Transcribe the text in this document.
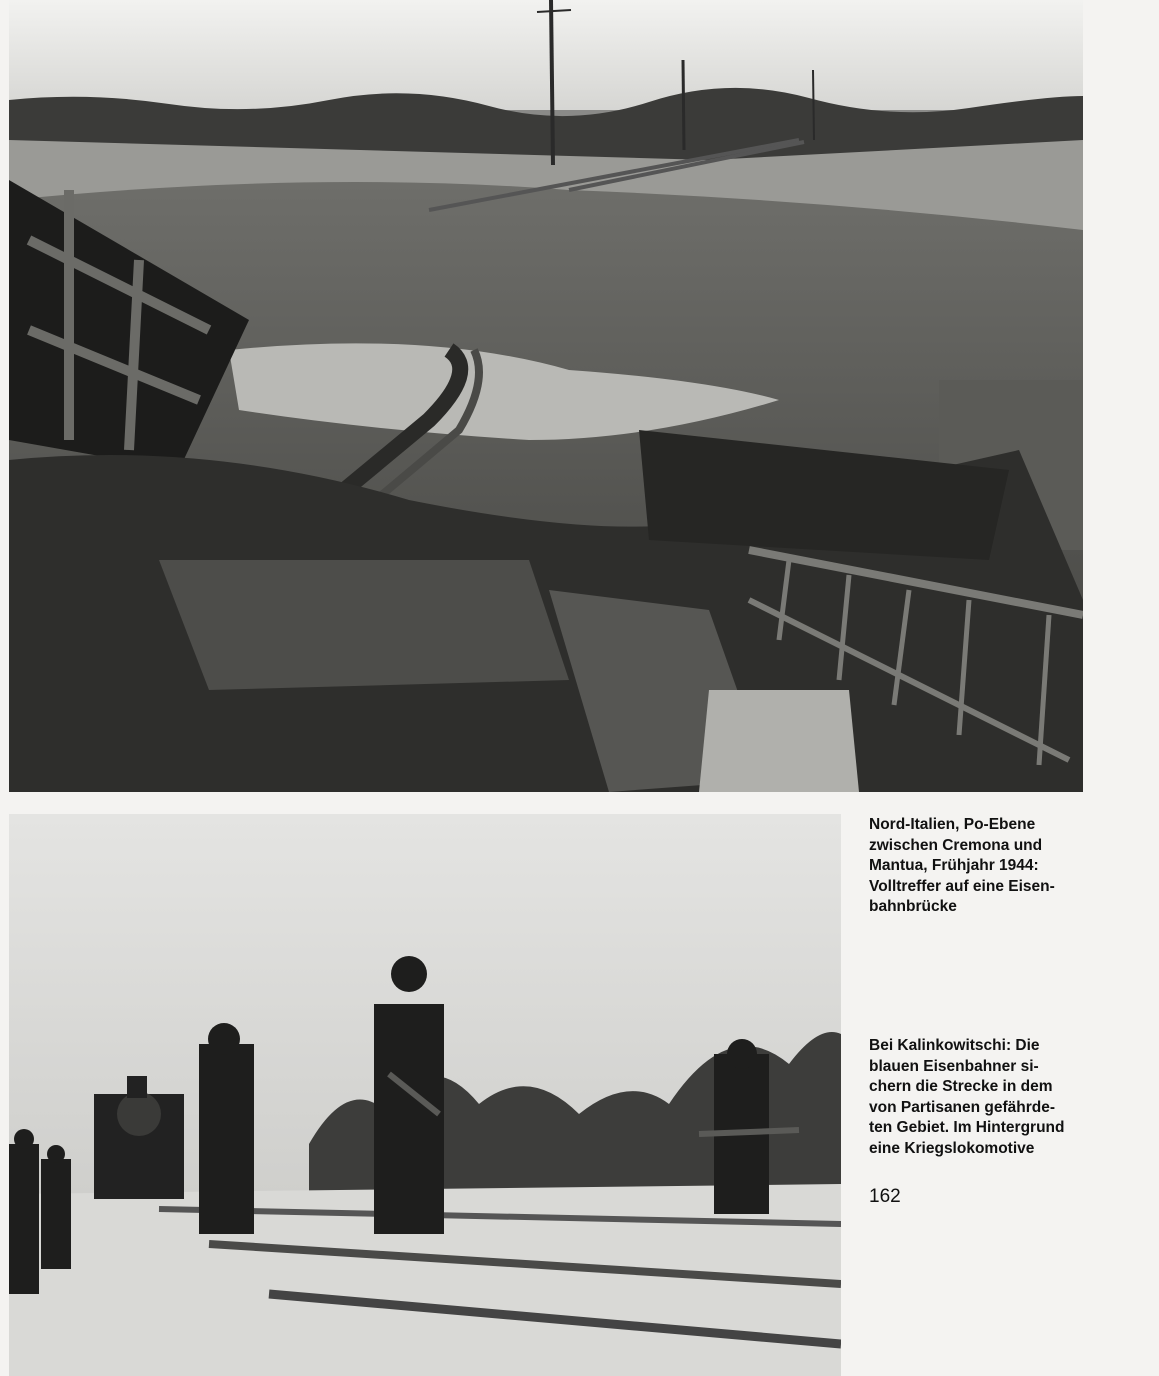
Nord-Italien, Po-Ebene
zwischen Cremona und
Mantua, Frühjahr 1944:
Volltreffer auf eine Eisen-
bahnbrücke
Bei Kalinkowitschi: Die
blauen Eisenbahner si-
chern die Strecke in dem
von Partisanen gefährde-
ten Gebiet. Im Hintergrund
eine Kriegslokomotive
162
